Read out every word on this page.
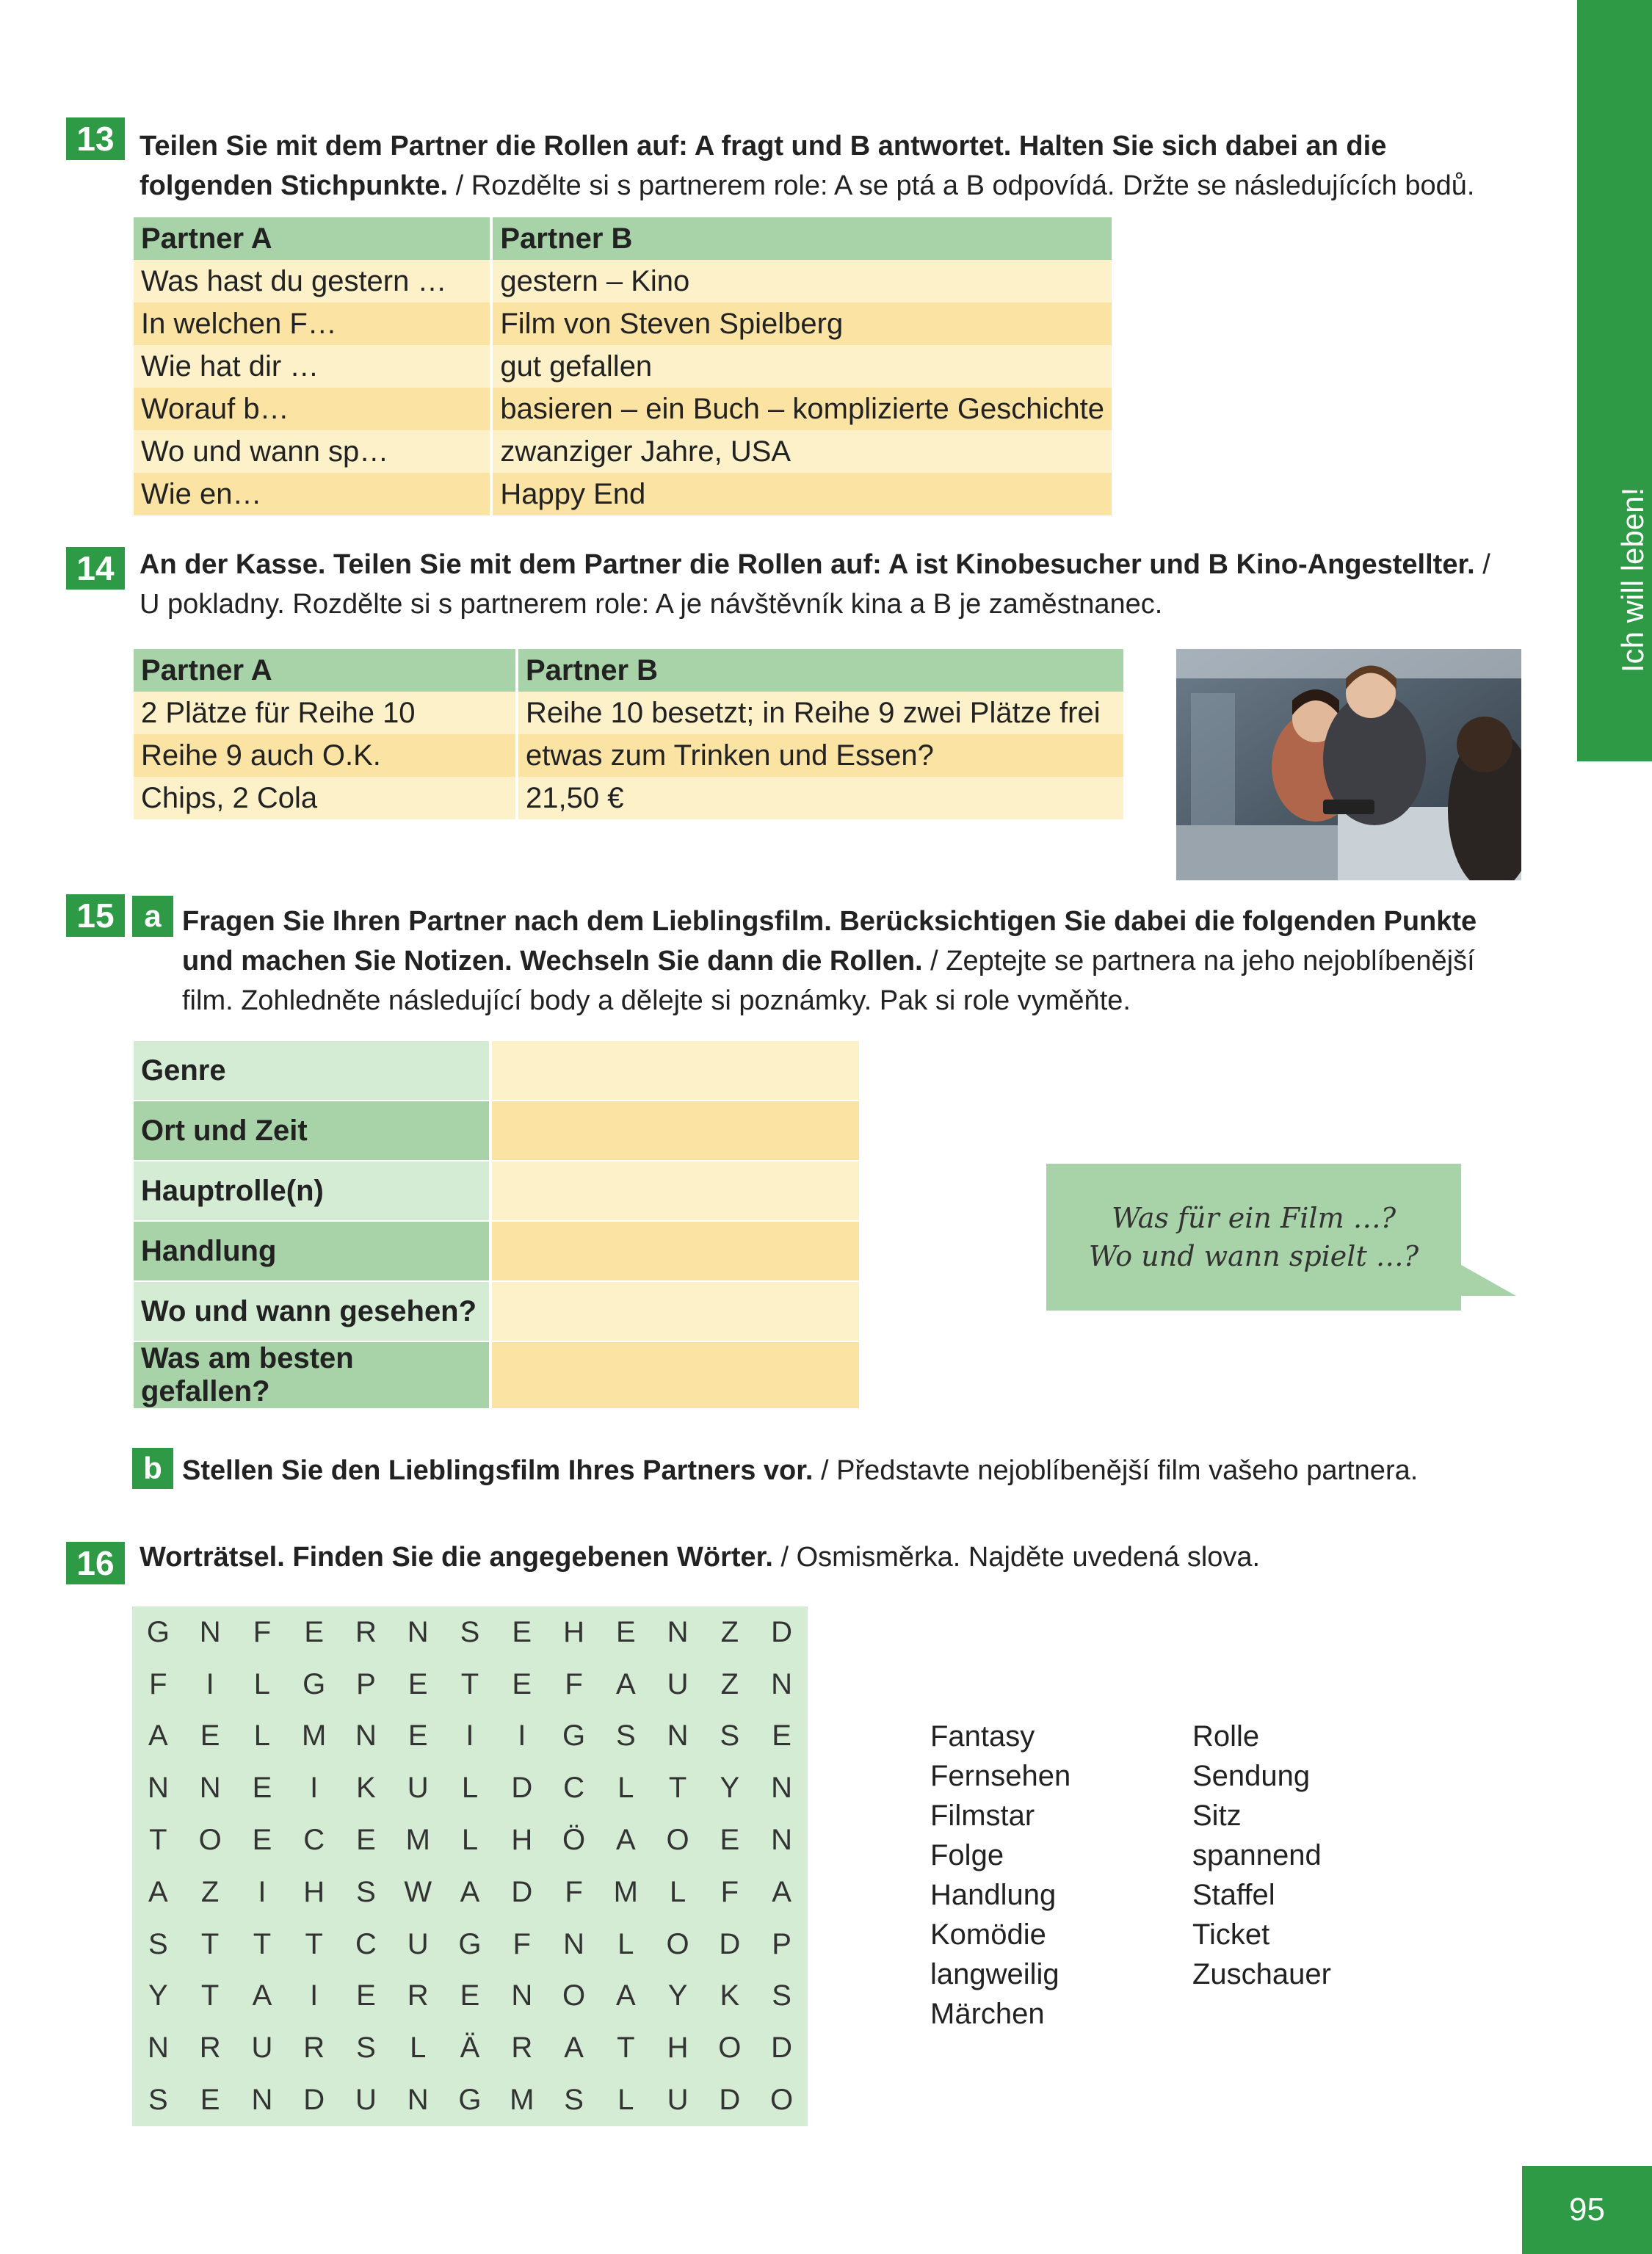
Ich will leben!
95
13 Teilen Sie mit dem Partner die Rollen auf: A fragt und B antwortet. Halten Sie sich dabei an die folgenden Stichpunkte. / Rozdělte si s partnerem role: A se ptá a B odpovídá. Držte se následujících bodů.
Partner A	Partner B
Was hast du gestern …	gestern – Kino
In welchen F…	Film von Steven Spielberg
Wie hat dir …	gut gefallen
Worauf b…	basieren – ein Buch – komplizierte Geschichte
Wo und wann sp…	zwanziger Jahre, USA
Wie en…	Happy End
14 An der Kasse. Teilen Sie mit dem Partner die Rollen auf: A ist Kinobesucher und B Kino-Angestellter. / U pokladny. Rozdělte si s partnerem role: A je návštěvník kina a B je zaměstnanec.
Partner A	Partner B
2 Plätze für Reihe 10	Reihe 10 besetzt; in Reihe 9 zwei Plätze frei
Reihe 9 auch O.K.	etwas zum Trinken und Essen?
Chips, 2 Cola	21,50 €
15 a Fragen Sie Ihren Partner nach dem Lieblingsfilm. Berücksichtigen Sie dabei die folgenden Punkte und machen Sie Notizen. Wechseln Sie dann die Rollen. / Zeptejte se partnera na jeho nejoblíbenější film. Zohledněte následující body a dělejte si poznámky. Pak si role vyměňte.
Genre	
Ort und Zeit	
Hauptrolle(n)	
Handlung	
Wo und wann gesehen?	
Was am besten gefallen?	
Was für ein Film …?
Wo und wann spielt …?
b Stellen Sie den Lieblingsfilm Ihres Partners vor. / Představte nejoblíbenější film vašeho partnera.
16 Worträtsel. Finden Sie die angegebenen Wörter. / Osmisměrka. Najděte uvedená slova.
G	N	F	E	R	N	S	E	H	E	N	Z	D
F	I	L	G	P	E	T	E	F	A	U	Z	N
A	E	L	M N	E	I	I	G	S	N	S	E
N	N	E	I	K	U	L	D	C	L	T	Y	N
T	O	E	C	E	M	L	H	Ö	A	O	E	N
A	Z	I	H	S W A	D	F	M	L	F	A
S	T	T	T	C	U	G	F	N	L	O	D	P
Y	T	A	I	E	R	E	N	O	A	Y	K	S
N	R	U	R	S	L	Ä	R	A	T	H	O	D
S	E	N	D	U	N	G M	S	L	U	D	O
Fantasy
Fernsehen
Filmstar
Folge
Handlung
Komödie
langweilig
Märchen
Rolle
Sendung
Sitz
spannend
Staffel
Ticket
Zuschauer
